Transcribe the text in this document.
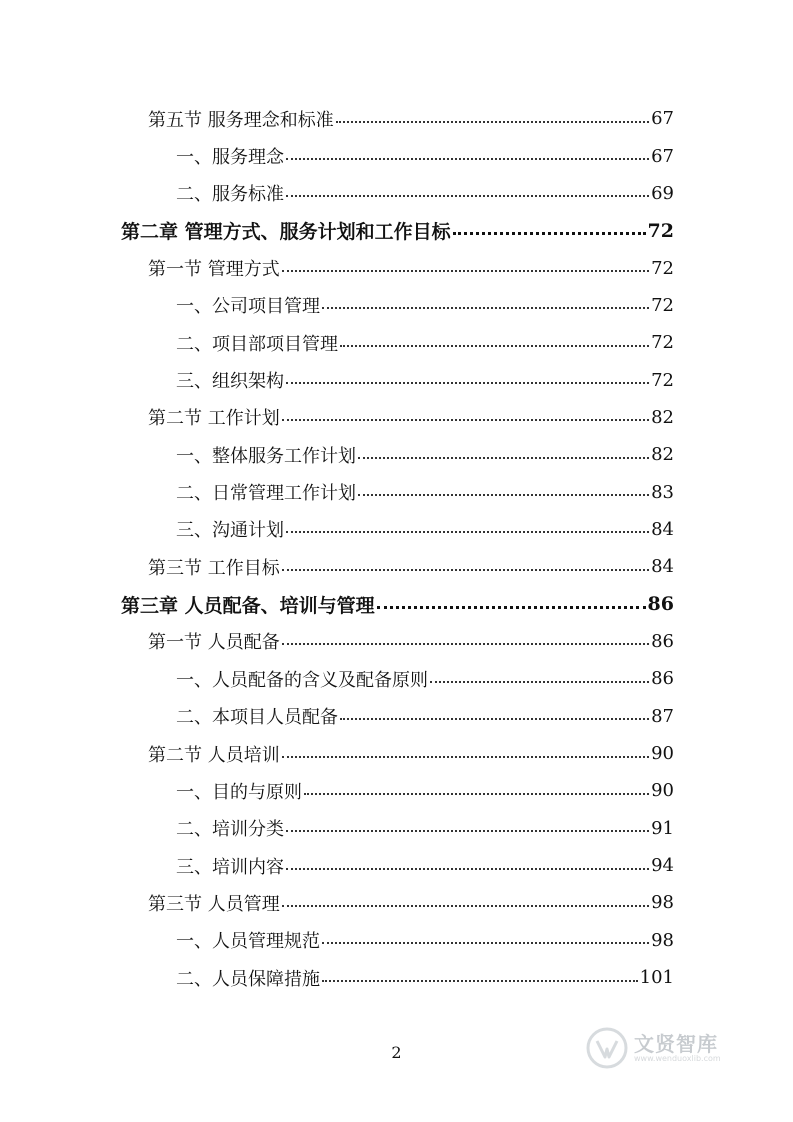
第五节 服务理念和标准	67
一、服务理念	67
二、服务标准	69
第二章 管理方式、服务计划和工作目标	72
第一节 管理方式	72
一、公司项目管理	72
二、项目部项目管理	72
三、组织架构	72
第二节 工作计划	82
一、整体服务工作计划	82
二、日常管理工作计划	83
三、沟通计划	84
第三节 工作目标	84
第三章 人员配备、培训与管理	86
第一节 人员配备	86
一、人员配备的含义及配备原则	86
二、本项目人员配备	87
第二节 人员培训	90
一、目的与原则	90
二、培训分类	91
三、培训内容	94
第三节 人员管理	98
一、人员管理规范	98
二、人员保障措施	101
2	文贤智库
www.wenduoxlib.com
